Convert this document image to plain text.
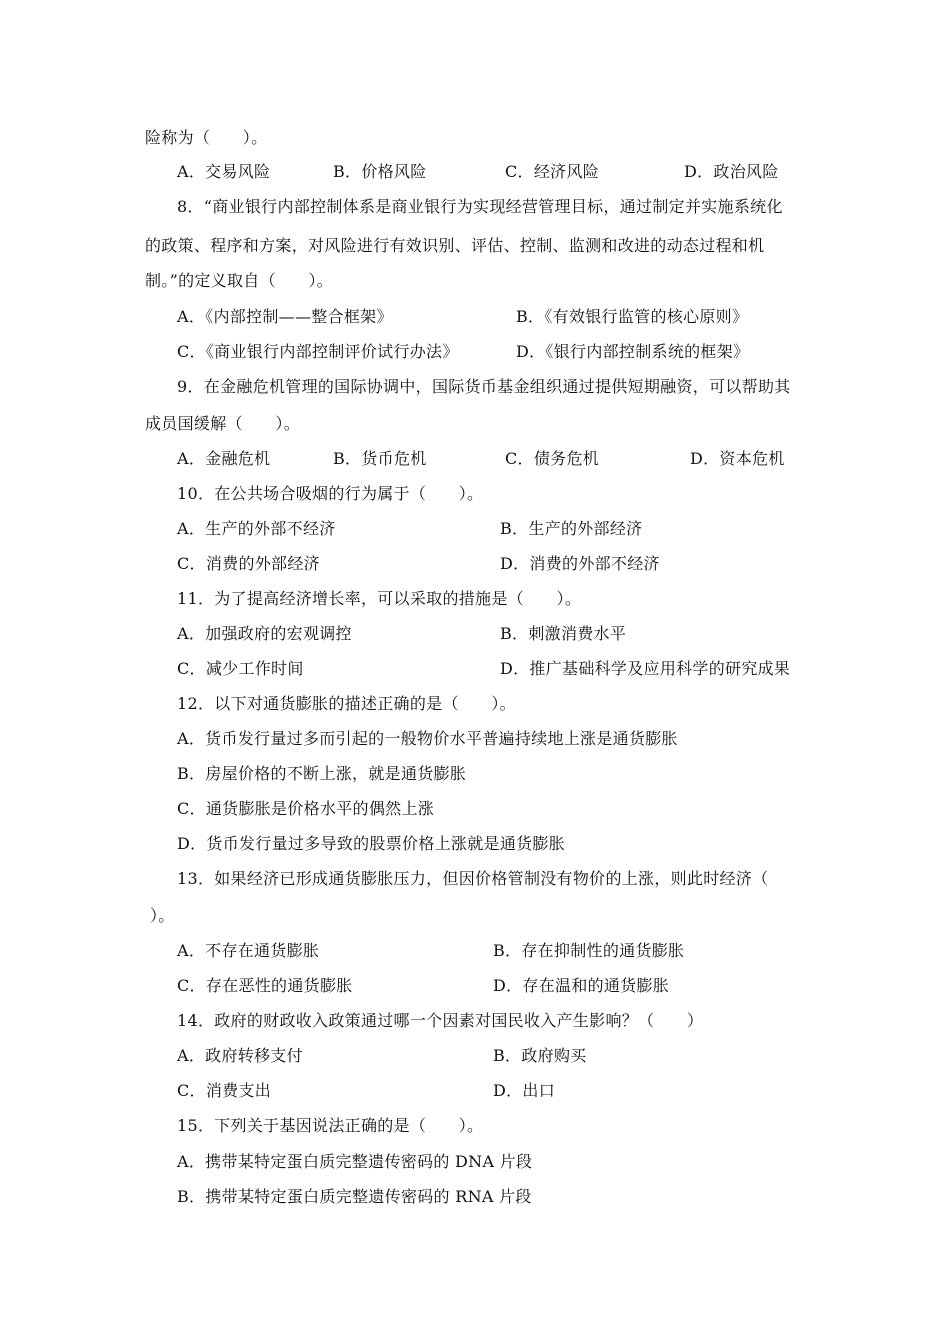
险称为（　　）。
A．交易风险	B．价格风险	C．经济风险	D．政治风险
8．“商业银行内部控制体系是商业银行为实现经营管理目标，通过制定并实施系统化
的政策、程序和方案，对风险进行有效识别、评估、控制、监测和改进的动态过程和机
制。”的定义取自（　　）。
A．《内部控制——整合框架》	B．《有效银行监管的核心原则》
C．《商业银行内部控制评价试行办法》	D．《银行内部控制系统的框架》
9．在金融危机管理的国际协调中，国际货币基金组织通过提供短期融资，可以帮助其
成员国缓解（　　）。
A．金融危机	B．货币危机	C．债务危机	D．资本危机
10．在公共场合吸烟的行为属于（　　）。
A．生产的外部不经济	B．生产的外部经济
C．消费的外部经济	D．消费的外部不经济
11．为了提高经济增长率，可以采取的措施是（　　）。
A．加强政府的宏观调控	B．刺激消费水平
C．减少工作时间	D．推广基础科学及应用科学的研究成果
12．以下对通货膨胀的描述正确的是（　　）。
A．货币发行量过多而引起的一般物价水平普遍持续地上涨是通货膨胀
B．房屋价格的不断上涨，就是通货膨胀
C．通货膨胀是价格水平的偶然上涨
D．货币发行量过多导致的股票价格上涨就是通货膨胀
13．如果经济已形成通货膨胀压力，但因价格管制没有物价的上涨，则此时经济（
）。
A．不存在通货膨胀	B．存在抑制性的通货膨胀
C．存在恶性的通货膨胀	D．存在温和的通货膨胀
14．政府的财政收入政策通过哪一个因素对国民收入产生影响？（　　）
A．政府转移支付	B．政府购买
C．消费支出	D．出口
15．下列关于基因说法正确的是（　　）。
A．携带某特定蛋白质完整遗传密码的 DNA 片段
B．携带某特定蛋白质完整遗传密码的 RNA 片段
